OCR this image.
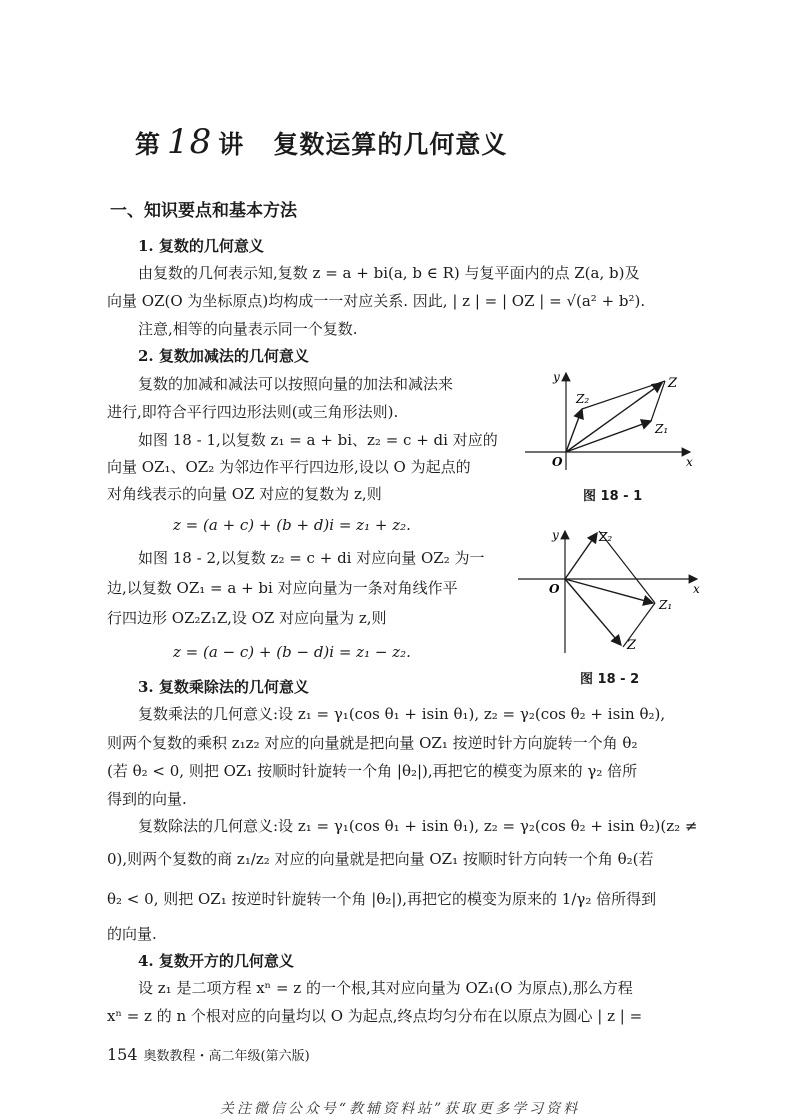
第 18 讲 复数运算的几何意义
一、知识要点和基本方法
1. 复数的几何意义
由复数的几何表示知,复数 z = a + bi(a, b ∈ R) 与复平面内的点 Z(a, b)及
向量 OZ(O 为坐标原点)均构成一一对应关系. 因此, | z | = | OZ | = √(a² + b²).
注意,相等的向量表示同一个复数.
2. 复数加减法的几何意义
复数的加减和减法可以按照向量的加法和减法来
进行,即符合平行四边形法则(或三角形法则).
如图 18 - 1,以复数 z₁ = a + bi、z₂ = c + di 对应的
向量 OZ₁、OZ₂ 为邻边作平行四边形,设以 O 为起点的
对角线表示的向量 OZ 对应的复数为 z,则
z = (a + c) + (b + d)i = z₁ + z₂.
如图 18 - 2,以复数 z₂ = c + di 对应向量 OZ₂ 为一
边,以复数 OZ₁ = a + bi 对应向量为一条对角线作平
行四边形 OZ₂Z₁Z,设 OZ 对应向量为 z,则
z = (a − c) + (b − d)i = z₁ − z₂.
3. 复数乘除法的几何意义
复数乘法的几何意义:设 z₁ = γ₁(cos θ₁ + isin θ₁), z₂ = γ₂(cos θ₂ + isin θ₂),
则两个复数的乘积 z₁z₂ 对应的向量就是把向量 OZ₁ 按逆时针方向旋转一个角 θ₂
(若 θ₂ < 0, 则把 OZ₁ 按顺时针旋转一个角 |θ₂|),再把它的模变为原来的 γ₂ 倍所
得到的向量.
复数除法的几何意义:设 z₁ = γ₁(cos θ₁ + isin θ₁), z₂ = γ₂(cos θ₂ + isin θ₂)(z₂ ≠
0),则两个复数的商 z₁/z₂ 对应的向量就是把向量 OZ₁ 按顺时针方向转一个角 θ₂(若
θ₂ < 0, 则把 OZ₁ 按逆时针旋转一个角 |θ₂|),再把它的模变为原来的 1/γ₂ 倍所得到
的向量.
4. 复数开方的几何意义
设 z₁ 是二项方程 xⁿ = z 的一个根,其对应向量为 OZ₁(O 为原点),那么方程
xⁿ = z 的 n 个根对应的向量均以 O 为起点,终点均匀分布在以原点为圆心 | z | =
y
x
O
Z
Z₁
Z₂
图 18 - 1
y
x
O
Z₂
Z₁
Z
图 18 - 2
154 奥数教程・高二年级(第六版)
关注微信公众号“教辅资料站”获取更多学习资料
